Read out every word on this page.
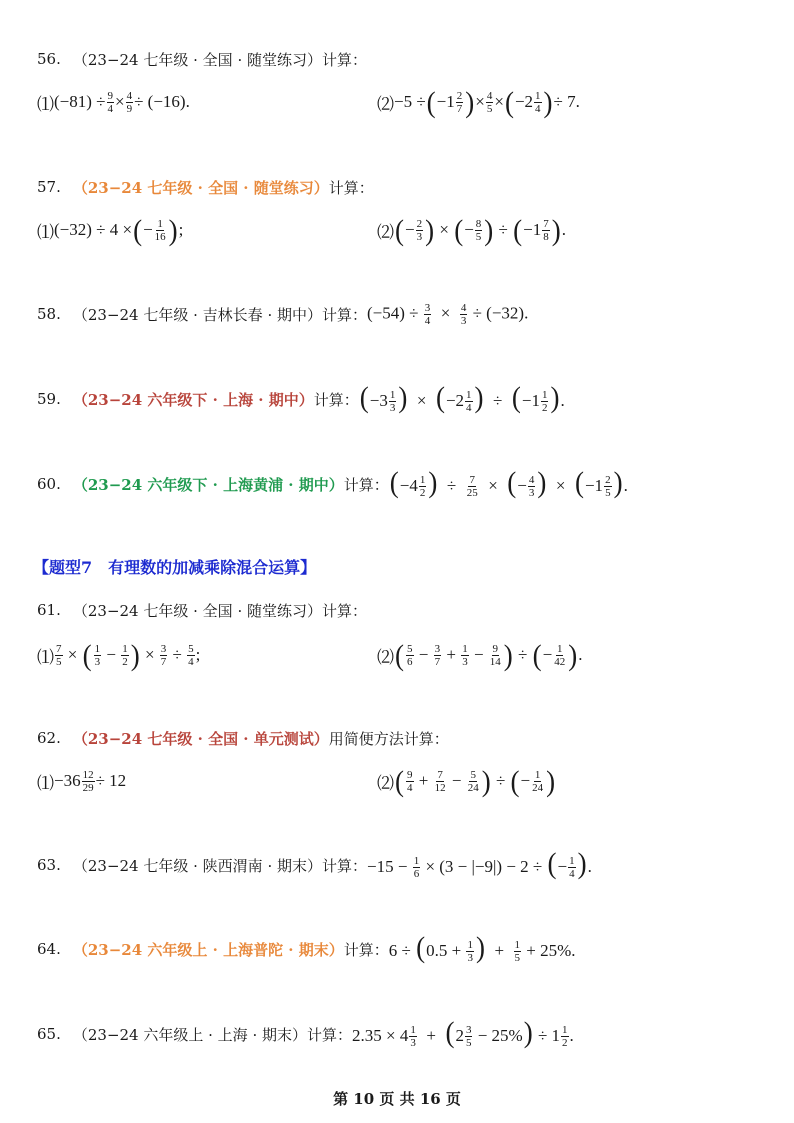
56. （23−24 七年级 · 全国 · 随堂练习） 计算：
⑴ $(-81) \div \frac{9}{4} \times \frac{4}{9} \div (-16)$.	⑵ −5 ÷ ( $-1 \frac{2}{7}$ ) × $\frac{4}{5}$ × ( $-2 \frac{1}{4}$ ) ÷ 7.
57. （23−24 七年级 · 全国 · 随堂练习） 计算：
⑴ (−32) ÷ 4 × ( − $\frac{1}{16}$ ) ;	⑵ ( − $\frac{2}{3}$ ) × ( − $\frac{8}{5}$ ) ÷ ( $-1 \frac{7}{8}$ ) .
58. （23−24 七年级 · 吉林长春 · 期中） 计算： $(-54) \div \frac{3}{4} \times \frac{4}{3} \div (-32)$.
59. （23−24 六年级下 · 上海 · 期中） 计算： ($-3 \frac{1}{3}$ )  ×  ($-2 \frac{1}{4}$ )  ÷  ($-1 \frac{1}{2}$ ).
60. （23−24 六年级下 · 上海黄浦 · 期中） 计算： ($-4 \frac{1}{2}$ )  ÷ $\frac{7}{25}$ ×  (− $\frac{4}{3}$ )  ×  ($-1 \frac{2}{5}$ ).
【题型7　有理数的加减乘除混合运算】
61. （23−24 七年级 · 全国 · 随堂练习） 计算：
⑴ $\frac{7}{5}$ × ( $\frac{1}{3} - \frac{1}{2}$ ) × $\frac{3}{7} \div \frac{5}{4}$ ;	⑵ ( $\frac{5}{6} - \frac{3}{7} + \frac{1}{3} - \frac{9}{14}$ ) ÷ ( − $\frac{1}{42}$ ) .
62. （23−24 七年级 · 全国 · 单元测试） 用简便方法计算：
⑴ $-36 \frac{12}{29} \div 12$	⑵ ( $\frac{9}{4} + \frac{7}{12} - \frac{5}{24}$ ) ÷ ( − $\frac{1}{24}$ )
63. （23−24 七年级 · 陕西渭南 · 期末） 计算： $-15 - \frac{1}{6} \times (3 - |-9|) - 2$ ÷ (− $\frac{1}{4}$ ).
64. （23−24 六年级上 · 上海普陀 · 期末） 计算： $6 \div (0.5 + \frac{1}{3}$ )  + $\frac{1}{5} + 25\%$.
65. （23−24 六年级上 · 上海 · 期末） 计算： $2.35 \times 4 \frac{1}{3} + (2 \frac{3}{5} - 25\%) \div 1 \frac{1}{2}$ .
第 10 页 共 16 页
